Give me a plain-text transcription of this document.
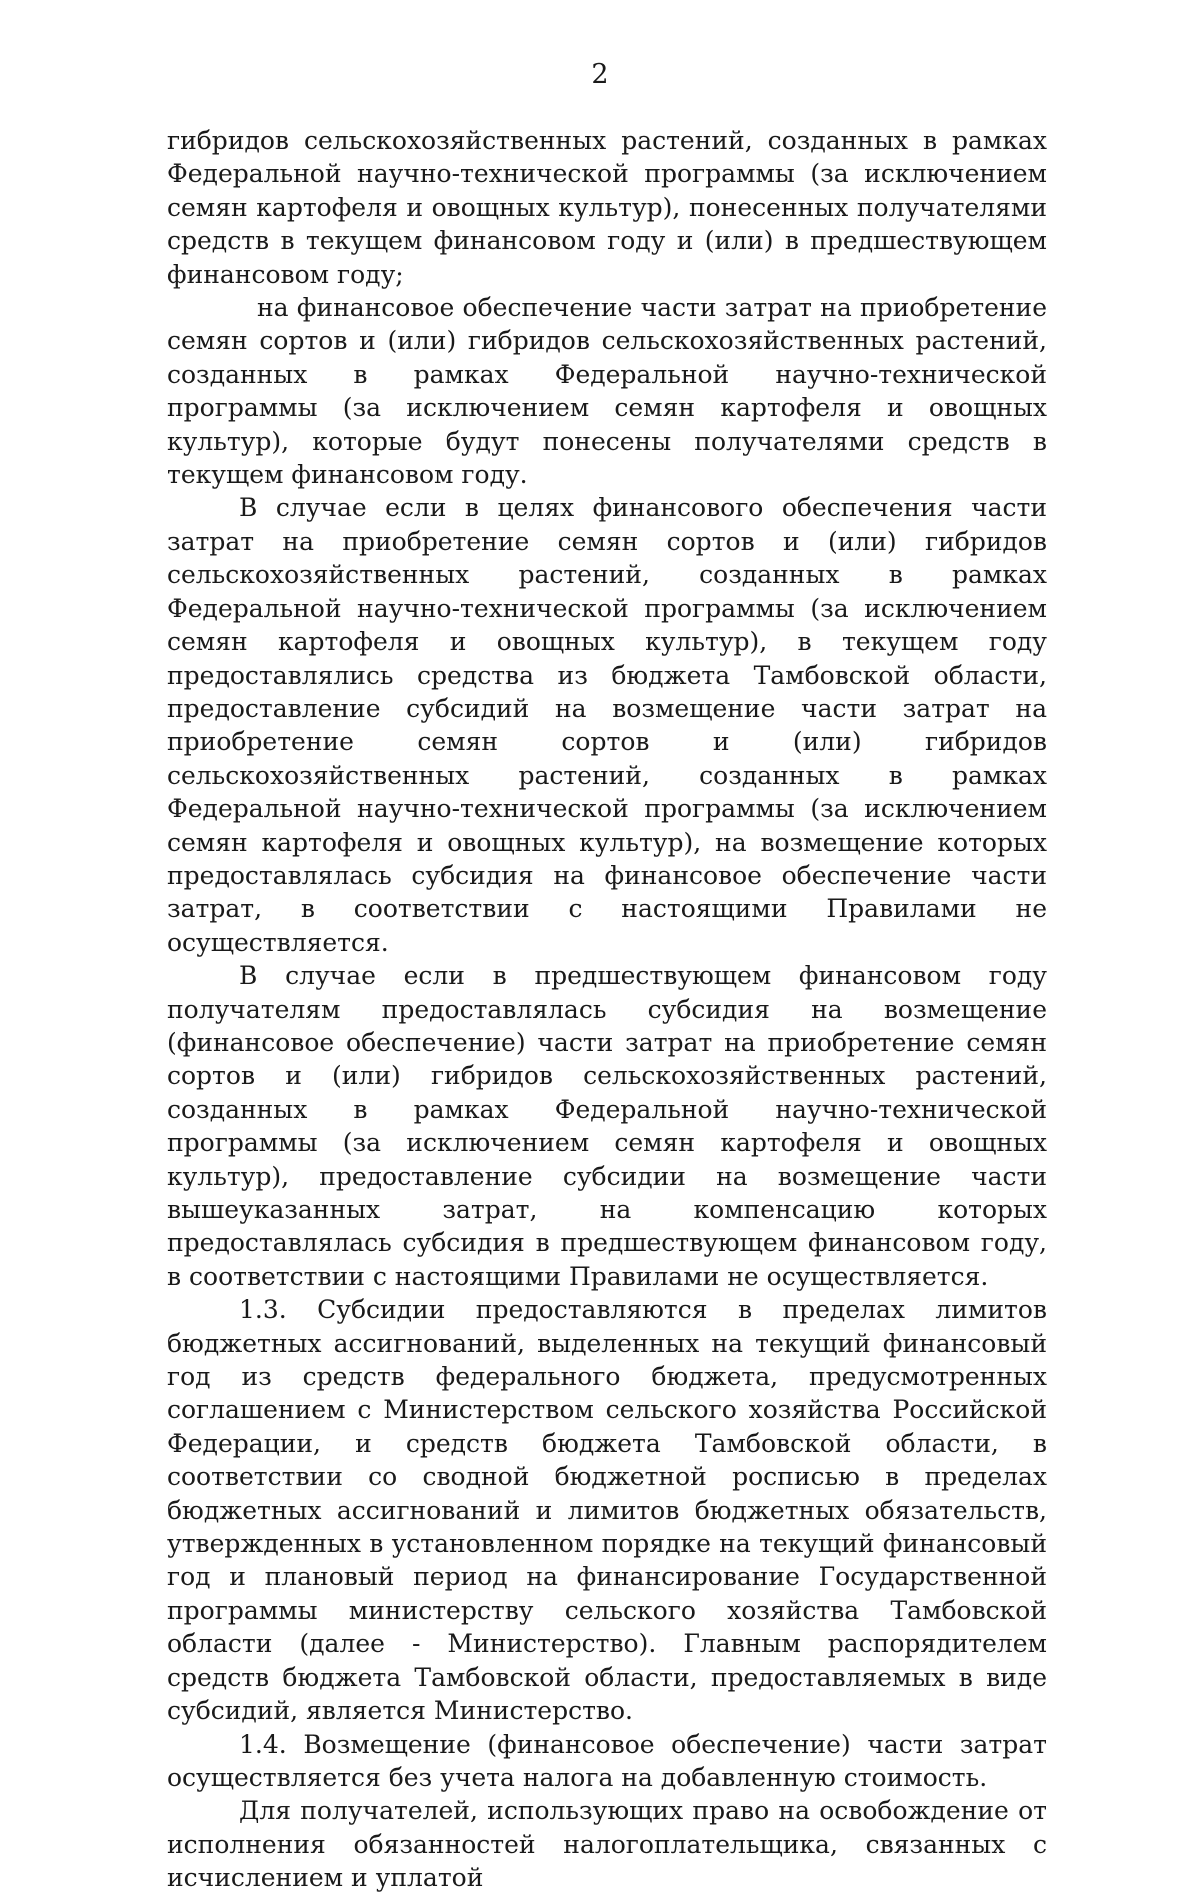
2

гибридов сельскохозяйственных растений, созданных в рамках Федеральной научно-технической программы (за исключением семян картофеля и овощных культур), понесенных получателями средств в текущем финансовом году и (или) в предшествующем финансовом году;

на финансовое обеспечение части затрат на приобретение семян сортов и (или) гибридов сельскохозяйственных растений, созданных в рамках Федеральной научно-технической программы (за исключением семян картофеля и овощных культур), которые будут понесены получателями средств в текущем финансовом году.

В случае если в целях финансового обеспечения части затрат на приобретение семян сортов и (или) гибридов сельскохозяйственных растений, созданных в рамках Федеральной научно-технической программы (за исключением семян картофеля и овощных культур), в текущем году предоставлялись средства из бюджета Тамбовской области, предоставление субсидий на возмещение части затрат на приобретение семян сортов и (или) гибридов сельскохозяйственных растений, созданных в рамках Федеральной научно-технической программы (за исключением семян картофеля и овощных культур), на возмещение которых предоставлялась субсидия на финансовое обеспечение части затрат, в соответствии с настоящими Правилами не осуществляется.

В случае если в предшествующем финансовом году получателям предоставлялась субсидия на возмещение (финансовое обеспечение) части затрат на приобретение семян сортов и (или) гибридов сельскохозяйственных растений, созданных в рамках Федеральной научно-технической программы (за исключением семян картофеля и овощных культур), предоставление субсидии на возмещение части вышеуказанных затрат, на компенсацию которых предоставлялась субсидия в предшествующем финансовом году, в соответствии с настоящими Правилами не осуществляется.

1.3. Субсидии предоставляются в пределах лимитов бюджетных ассигнований, выделенных на текущий финансовый год из средств федерального бюджета, предусмотренных соглашением с Министерством сельского хозяйства Российской Федерации, и средств бюджета Тамбовской области, в соответствии со сводной бюджетной росписью в пределах бюджетных ассигнований и лимитов бюджетных обязательств, утвержденных в установленном порядке на текущий финансовый год и плановый период на финансирование Государственной программы министерству сельского хозяйства Тамбовской области (далее - Министерство). Главным распорядителем средств бюджета Тамбовской области, предоставляемых в виде субсидий, является Министерство.

1.4. Возмещение (финансовое обеспечение) части затрат осуществляется без учета налога на добавленную стоимость.

Для получателей, использующих право на освобождение от исполнения обязанностей налогоплательщика, связанных с исчислением и уплатой
